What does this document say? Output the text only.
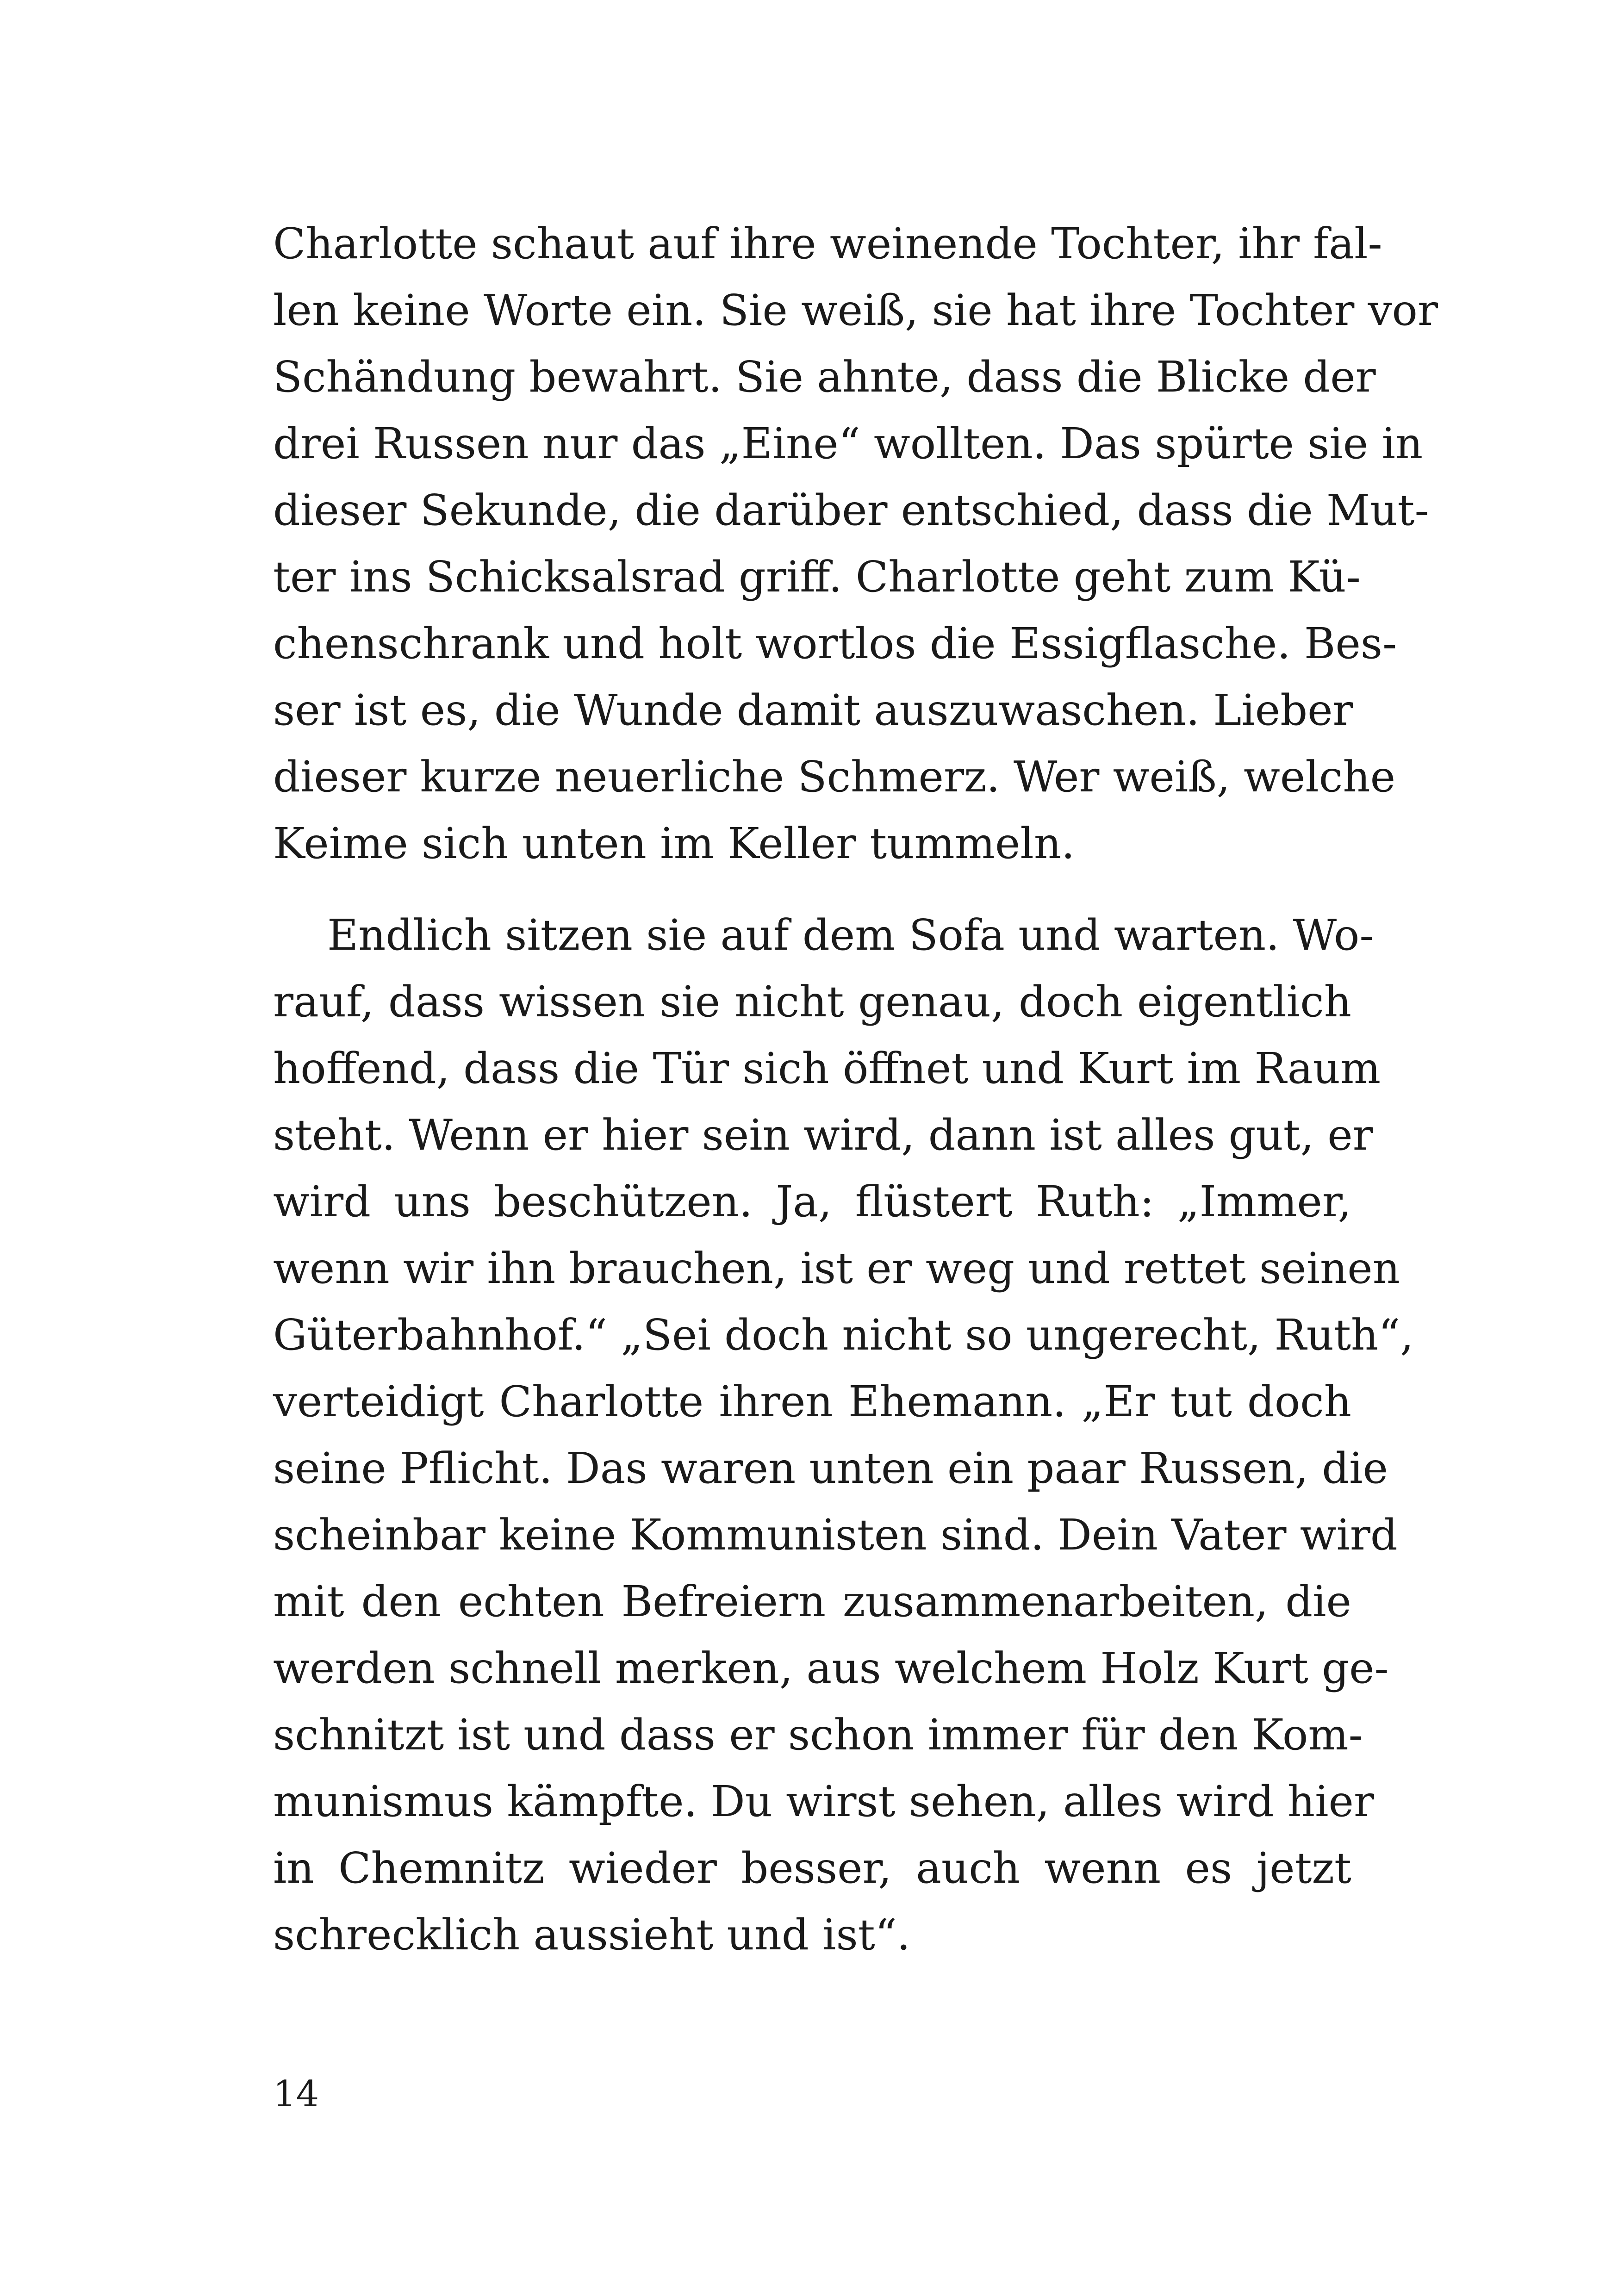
Charlotte schaut auf ihre weinende Tochter, ihr fal-
len keine Worte ein. Sie weiß, sie hat ihre Tochter vor
Schändung bewahrt. Sie ahnte, dass die Blicke der
drei Russen nur das „Eine“ wollten. Das spürte sie in
dieser Sekunde, die darüber entschied, dass die Mut-
ter ins Schicksalsrad griff. Charlotte geht zum Kü-
chenschrank und holt wortlos die Essigflasche. Bes-
ser ist es, die Wunde damit auszuwaschen. Lieber
dieser kurze neuerliche Schmerz. Wer weiß, welche
Keime sich unten im Keller tummeln.
Endlich sitzen sie auf dem Sofa und warten. Wo-
rauf, dass wissen sie nicht genau, doch eigentlich
hoffend, dass die Tür sich öffnet und Kurt im Raum
steht. Wenn er hier sein wird, dann ist alles gut, er
wird uns beschützen. Ja, flüstert Ruth: „Immer,
wenn wir ihn brauchen, ist er weg und rettet seinen
Güterbahnhof.“ „Sei doch nicht so ungerecht, Ruth“,
verteidigt Charlotte ihren Ehemann. „Er tut doch
seine Pflicht. Das waren unten ein paar Russen, die
scheinbar keine Kommunisten sind. Dein Vater wird
mit den echten Befreiern zusammenarbeiten, die
werden schnell merken, aus welchem Holz Kurt ge-
schnitzt ist und dass er schon immer für den Kom-
munismus kämpfte. Du wirst sehen, alles wird hier
in Chemnitz wieder besser, auch wenn es jetzt
schrecklich aussieht und ist“.
14
